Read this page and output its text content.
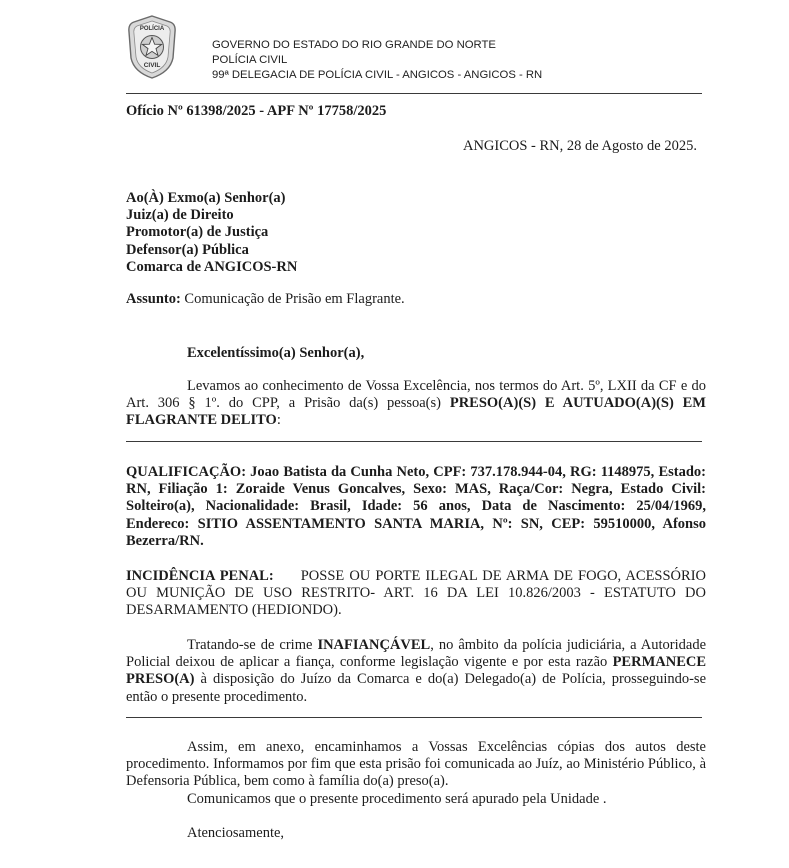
POLÍCIA
CIVIL
GOVERNO DO ESTADO DO RIO GRANDE DO NORTE
POLÍCIA CIVIL
99ª DELEGACIA DE POLÍCIA CIVIL - ANGICOS - ANGICOS - RN
Ofício Nº 61398/2025 - APF Nº 17758/2025
ANGICOS - RN, 28 de Agosto de 2025.
Ao(À) Exmo(a) Senhor(a)
Juiz(a) de Direito
Promotor(a) de Justiça
Defensor(a) Pública
Comarca de ANGICOS-RN
Assunto: Comunicação de Prisão em Flagrante.
Excelentíssimo(a) Senhor(a),
Levamos ao conhecimento de Vossa Excelência, nos termos do Art. 5º, LXII da CF e do Art. 306 § 1º. do CPP, a Prisão da(s) pessoa(s) PRESO(A)(S) E AUTUADO(A)(S) EM FLAGRANTE DELITO:
QUALIFICAÇÃO: Joao Batista da Cunha Neto, CPF: 737.178.944-04, RG: 1148975, Estado: RN, Filiação 1: Zoraide Venus Goncalves, Sexo: MAS, Raça/Cor: Negra, Estado Civil: Solteiro(a), Nacionalidade: Brasil, Idade: 56 anos, Data de Nascimento: 25/04/1969, Endereco: SITIO ASSENTAMENTO SANTA MARIA, Nº: SN, CEP: 59510000, Afonso Bezerra/RN.
INCIDÊNCIA PENAL: POSSE OU PORTE ILEGAL DE ARMA DE FOGO, ACESSÓRIO OU MUNIÇÃO DE USO RESTRITO- ART. 16 DA LEI 10.826/2003 - ESTATUTO DO DESARMAMENTO (HEDIONDO).
Tratando-se de crime INAFIANÇÁVEL, no âmbito da polícia judiciária, a Autoridade Policial deixou de aplicar a fiança, conforme legislação vigente e por esta razão PERMANECE PRESO(A) à disposição do Juízo da Comarca e do(a) Delegado(a) de Polícia, prosseguindo-se então o presente procedimento.
Assim, em anexo, encaminhamos a Vossas Excelências cópias dos autos deste procedimento. Informamos por fim que esta prisão foi comunicada ao Juíz, ao Ministério Público, à Defensoria Pública, bem como à família do(a) preso(a).
Comunicamos que o presente procedimento será apurado pela Unidade .
Atenciosamente,
